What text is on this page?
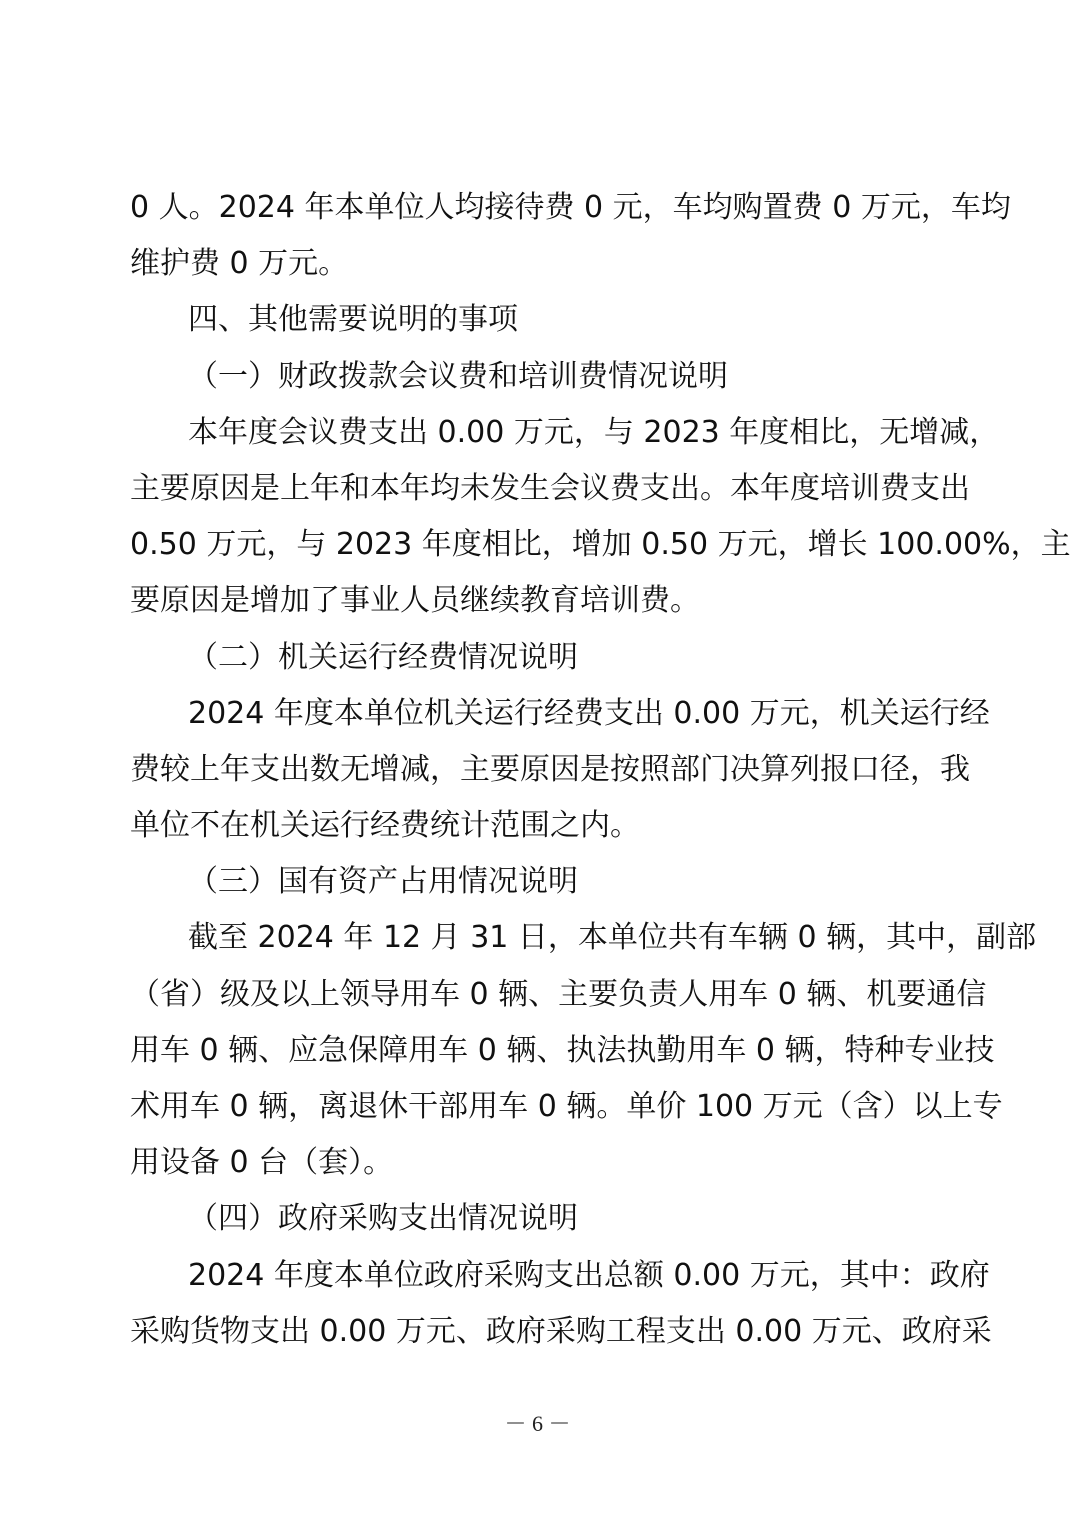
0 人。2024 年本单位人均接待费 0 元，车均购置费 0 万元，车均
维护费 0 万元。
四、其他需要说明的事项
（一）财政拨款会议费和培训费情况说明
本年度会议费支出 0.00 万元，与 2023 年度相比，无增减，
主要原因是上年和本年均未发生会议费支出。本年度培训费支出
0.50 万元，与 2023 年度相比，增加 0.50 万元，增长 100.00%，主
要原因是增加了事业人员继续教育培训费。
（二）机关运行经费情况说明
2024 年度本单位机关运行经费支出 0.00 万元，机关运行经
费较上年支出数无增减，主要原因是按照部门决算列报口径，我
单位不在机关运行经费统计范围之内。
（三）国有资产占用情况说明
截至 2024 年 12 月 31 日，本单位共有车辆 0 辆，其中，副部
（省）级及以上领导用车 0 辆、主要负责人用车 0 辆、机要通信
用车 0 辆、应急保障用车 0 辆、执法执勤用车 0 辆，特种专业技
术用车 0 辆，离退休干部用车 0 辆。单价 100 万元（含）以上专
用设备 0 台（套）。
（四）政府采购支出情况说明
2024 年度本单位政府采购支出总额 0.00 万元，其中：政府
采购货物支出 0.00 万元、政府采购工程支出 0.00 万元、政府采
－ 6 －
